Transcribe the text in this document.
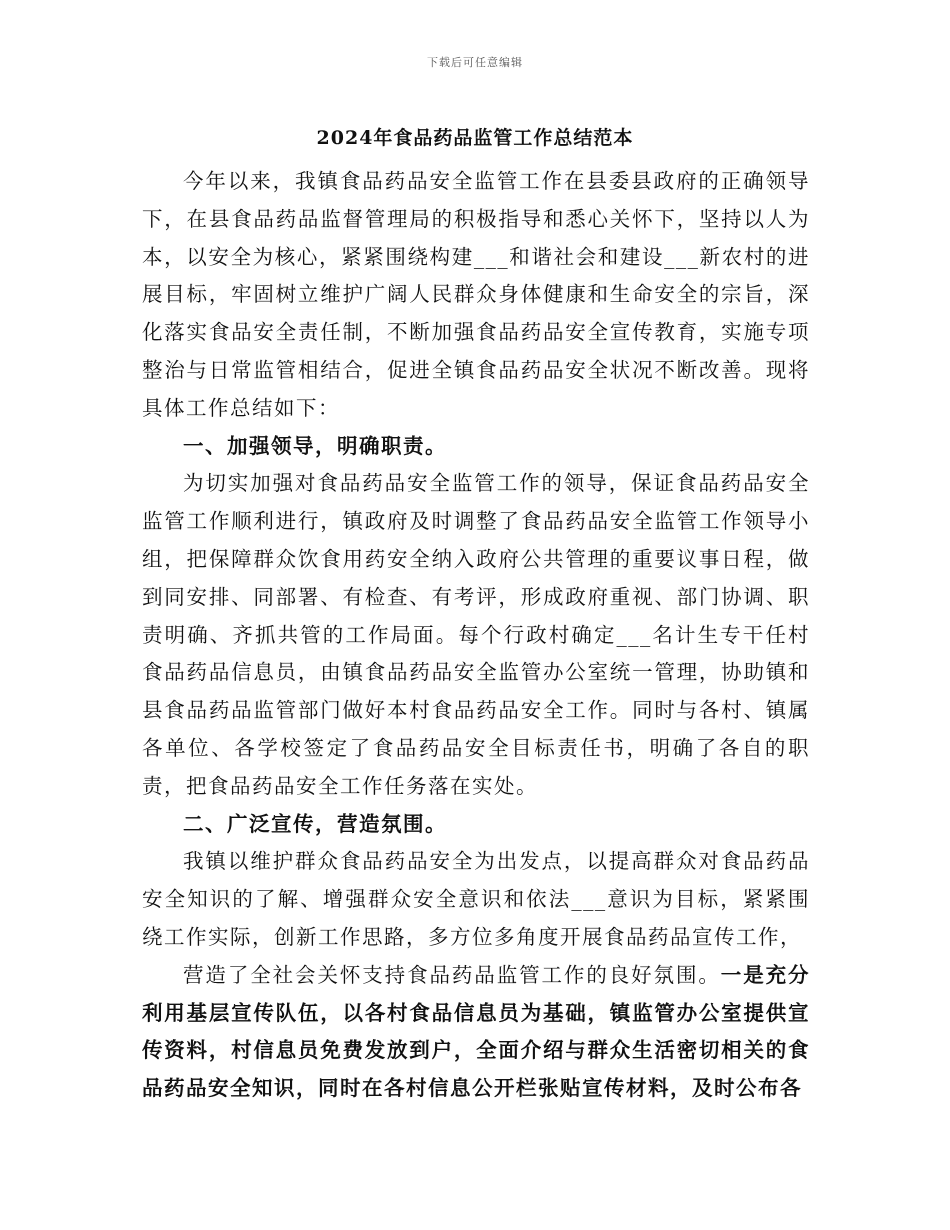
下载后可任意编辑
2024年食品药品监管工作总结范本

今年以来，我镇食品药品安全监管工作在县委县政府的正确领导下，在县食品药品监督管理局的积极指导和悉心关怀下，坚持以人为本，以安全为核心，紧紧围绕构建___和谐社会和建设___新农村的进展目标，牢固树立维护广阔人民群众身体健康和生命安全的宗旨，深化落实食品安全责任制，不断加强食品药品安全宣传教育，实施专项整治与日常监管相结合，促进全镇食品药品安全状况不断改善。现将具体工作总结如下：

一、加强领导，明确职责。

为切实加强对食品药品安全监管工作的领导，保证食品药品安全监管工作顺利进行，镇政府及时调整了食品药品安全监管工作领导小组，把保障群众饮食用药安全纳入政府公共管理的重要议事日程，做到同安排、同部署、有检查、有考评，形成政府重视、部门协调、职责明确、齐抓共管的工作局面。每个行政村确定___名计生专干任村食品药品信息员，由镇食品药品安全监管办公室统一管理，协助镇和县食品药品监管部门做好本村食品药品安全工作。同时与各村、镇属各单位、各学校签定了食品药品安全目标责任书，明确了各自的职责，把食品药品安全工作任务落在实处。

二、广泛宣传，营造氛围。

我镇以维护群众食品药品安全为出发点，以提高群众对食品药品安全知识的了解、增强群众安全意识和依法___意识为目标，紧紧围绕工作实际，创新工作思路，多方位多角度开展食品药品宣传工作，

营造了全社会关怀支持食品药品监管工作的良好氛围。一是充分利用基层宣传队伍，以各村食品信息员为基础，镇监管办公室提供宣传资料，村信息员免费发放到户，全面介绍与群众生活密切相关的食品药品安全知识，同时在各村信息公开栏张贴宣传材料，及时公布各
